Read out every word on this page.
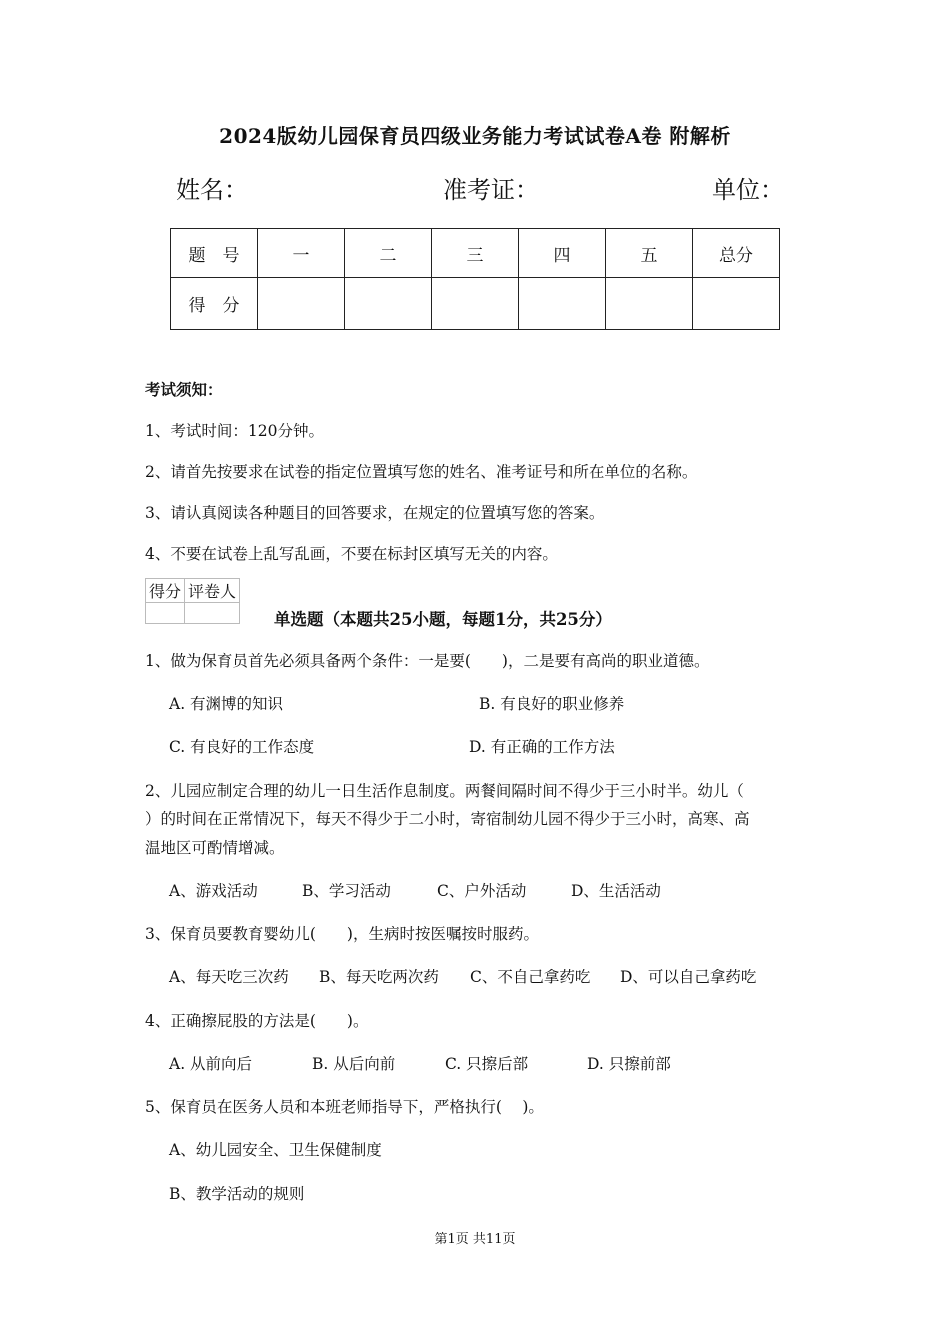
2024版幼儿园保育员四级业务能力考试试卷A卷 附解析
姓名：	准考证：	单位：
题　号	一	二	三	四	五	总分
得　分						
考试须知：
1、考试时间：120分钟。
2、请首先按要求在试卷的指定位置填写您的姓名、准考证号和所在单位的名称。
3、请认真阅读各种题目的回答要求，在规定的位置填写您的答案。
4、不要在试卷上乱写乱画，不要在标封区填写无关的内容。
得分	评卷人

单选题（本题共25小题，每题1分，共25分）
1、做为保育员首先必须具备两个条件：一是要(　　)，二是要有高尚的职业道德。
A. 有渊博的知识	B. 有良好的职业修养
C. 有良好的工作态度	D. 有正确的工作方法
2、儿园应制定合理的幼儿一日生活作息制度。两餐间隔时间不得少于三小时半。幼儿（
）的时间在正常情况下，每天不得少于二小时，寄宿制幼儿园不得少于三小时，高寒、高
温地区可酌情增减。
A、游戏活动	B、学习活动	C、户外活动	D、生活活动
3、保育员要教育婴幼儿(　　)，生病时按医嘱按时服药。
A、每天吃三次药 B、每天吃两次药 C、不自己拿药吃 D、可以自己拿药吃
4、正确擦屁股的方法是(　　)。
A. 从前向后	B. 从后向前	C. 只擦后部	D. 只擦前部
5、保育员在医务人员和本班老师指导下，严格执行(　 )。
A、幼儿园安全、卫生保健制度
B、教学活动的规则
第1页 共11页
